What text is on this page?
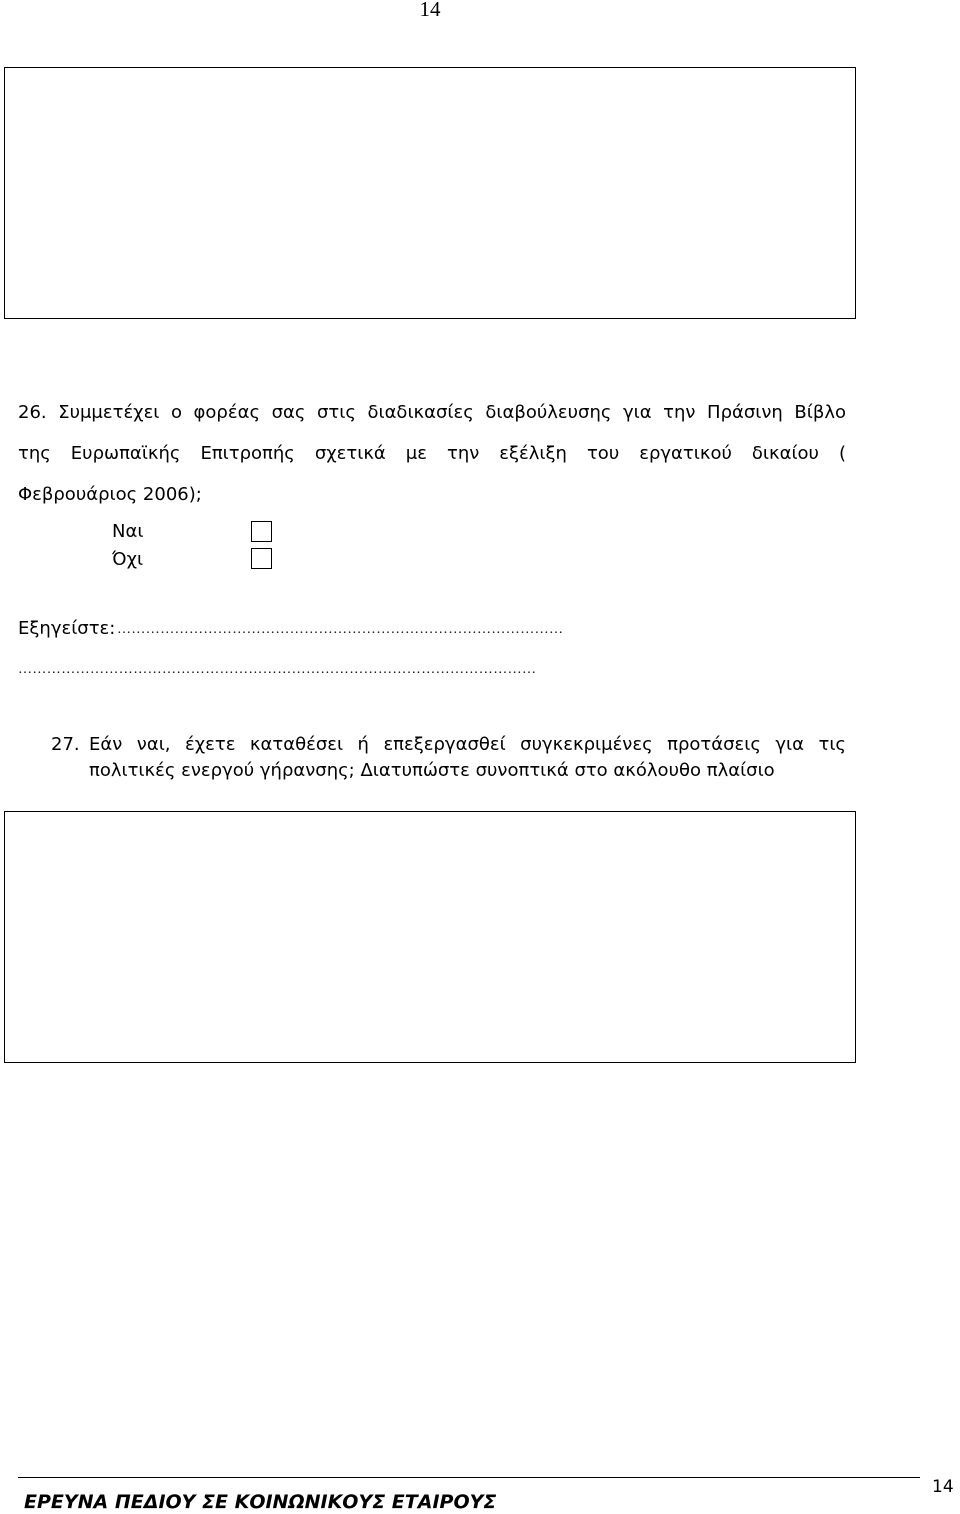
14
26. Συμμετέχει ο φορέας σας στις διαδικασίες διαβούλευσης για την Πράσινη Βίβλο
της Ευρωπαϊκής Επιτροπής σχετικά με την εξέλιξη του εργατικού δικαίου (
Φεβρουάριος 2006);
Ναι
Όχι
Εξηγείστε: …………………………………………………………………………………
………………………………………………………………………………………………
27. Εάν ναι, έχετε καταθέσει ή επεξεργασθεί συγκεκριμένες προτάσεις για τις
πολιτικές ενεργού γήρανσης; Διατυπώστε συνοπτικά στο ακόλουθο πλαίσιο
ΕΡΕΥΝΑ ΠΕΔΙΟΥ ΣΕ ΚΟΙΝΩΝΙΚΟΥΣ ΕΤΑΙΡΟΥΣ
14
